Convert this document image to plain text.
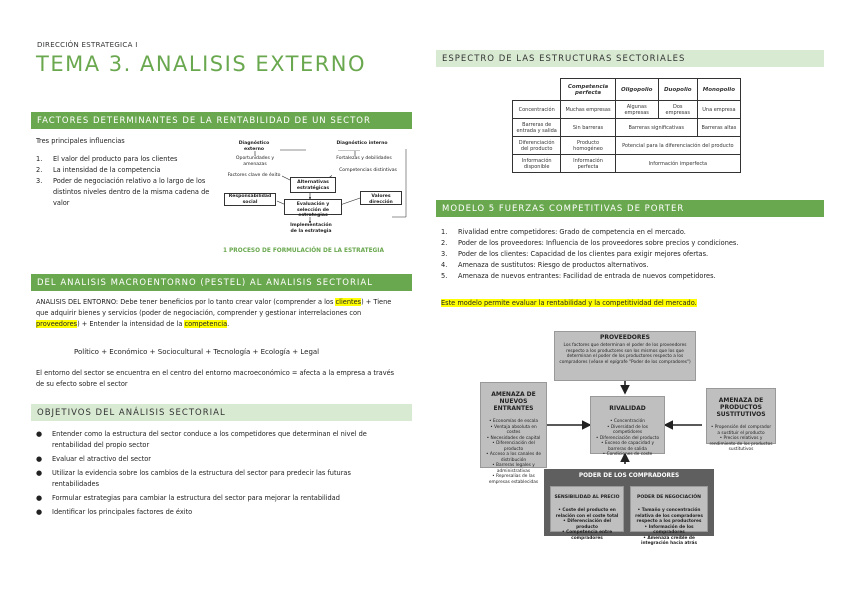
DIRECCIÓN ESTRATEGICA I
TEMA 3. ANALISIS EXTERNO
FACTORES DETERMINANTES DE LA RENTABILIDAD DE UN SECTOR
Tres principales influencias
1.	El valor del producto para los clientes
2.	La intensidad de la competencia
3.	Poder de negociación relativo a lo largo de los distintos niveles dentro de la misma cadena de valor
Diagnóstico externo
Diagnóstico interno
Oportunidades y amenazas
Fortalezas y debilidades
Factores clave de éxito
Competencias distintivas
Alternativas estratégicas
Responsabilidad social	Evaluación y selección de estrategias
Valores dirección
Implementación de la estrategia
1 PROCESO DE FORMULACIÓN DE LA ESTRATEGIA
DEL ANALISIS MACROENTORNO (PESTEL) AL ANALISIS SECTORIAL
ANALISIS DEL ENTORNO: Debe tener beneficios por lo tanto crear valor (comprender a los clientes) + Tiene que adquirir bienes y servicios (poder de negociación, comprender y gestionar interrelaciones con proveedores) + Entender la intensidad de la competencia.
Político + Económico + Sociocultural + Tecnología + Ecología + Legal
El entorno del sector se encuentra en el centro del entorno macroeconómico = afecta a la empresa a través de su efecto sobre el sector
OBJETIVOS DEL ANÁLISIS SECTORIAL
●	Entender como la estructura del sector conduce a los competidores que determinan el nivel de rentabilidad del propio sector
●	Evaluar el atractivo del sector
●	Utilizar la evidencia sobre los cambios de la estructura del sector para predecir las futuras rentabilidades
●	Formular estrategias para cambiar la estructura del sector para mejorar la rentabilidad
●	Identificar los principales factores de éxito
ESPECTRO DE LAS ESTRUCTURAS SECTORIALES
	Competencia perfecta	Oligopolio	Duopolio	Monopolio
Concentración	Muchas empresas	Algunas empresas	Dos empresas	Una empresa
Barreras de entrada y salida	Sin barreras	Barreras significativas		Barreras altas
Diferenciación del producto	Producto homogéneo	Potencial para la diferenciación del producto		
Información disponible	Información perfecta	Información imperfecta		
MODELO 5 FUERZAS COMPETITIVAS DE PORTER
1.	Rivalidad entre competidores: Grado de competencia en el mercado.
2.	Poder de los proveedores: Influencia de los proveedores sobre precios y condiciones.
3.	Poder de los clientes: Capacidad de los clientes para exigir mejores ofertas.
4.	Amenaza de sustitutos: Riesgo de productos alternativos.
5.	Amenaza de nuevos entrantes: Facilidad de entrada de nuevos competidores.
Este modelo permite evaluar la rentabilidad y la competitividad del mercado.
PROVEEDORES
Los factores que determinan el poder de los proveedores respecto a los productores son los mismos que los que determinan el poder de los productores respecto a los compradores (véase el epígrafe "Poder de los compradores")

AMENAZA DE NUEVOS ENTRANTES

• Economías de escala
• Ventaja absoluta en costes
• Necesidades de capital
• Diferenciación del producto
• Acceso a los canales de distribución
• Barreras legales y administrativas
• Represalias de las empresas establecidas

RIVALIDAD

• Concentración
• Diversidad de los competidores
• Diferenciación del producto
• Exceso de capacidad y barreras de salida
• Condiciones de coste

AMENAZA DE PRODUCTOS SUSTITUTIVOS

• Propensión del comprador a sustituir el producto
• Precios relativos y rendimiento de los productos sustitutivos

PODER DE LOS COMPRADORES

SENSIBILIDAD AL PRECIO

• Coste del producto en relación con el coste total
• Diferenciación del producto
• Competencia entre compradores

PODER DE NEGOCIACIÓN

• Tamaño y concentración relativa de los compradores respecto a los productores
• Información de los compradores
• Amenaza creíble de integración hacia atrás
